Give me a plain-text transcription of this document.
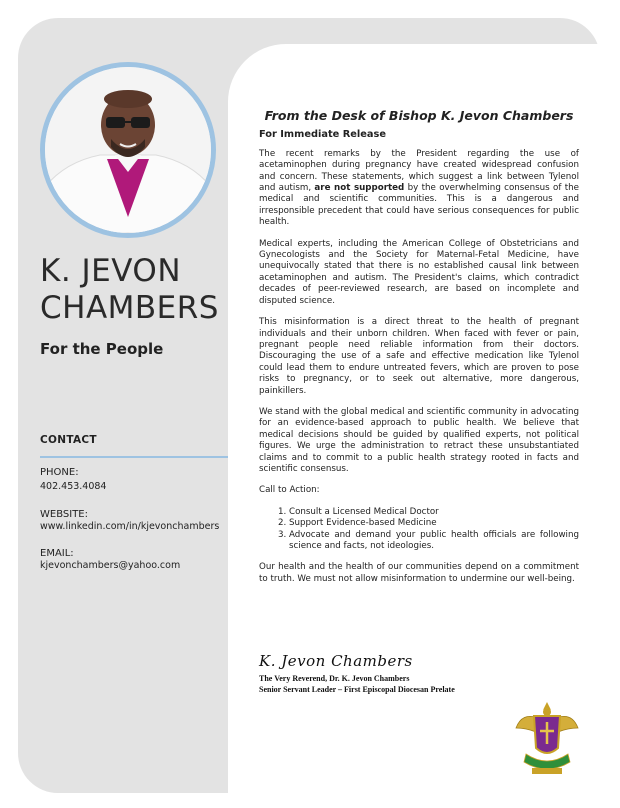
K. JEVON
CHAMBERS
For the People
CONTACT
PHONE:
402.453.4084
WEBSITE:
www.linkedin.com/in/kjevonchambers
EMAIL:
kjevonchambers@yahoo.com
From the Desk of Bishop K. Jevon Chambers
For Immediate Release

The recent remarks by the President regarding the use of acetaminophen during pregnancy have created widespread confusion and concern. These statements, which suggest a link between Tylenol and autism, are not supported by the overwhelming consensus of the medical and scientific communities. This is a dangerous and irresponsible precedent that could have serious consequences for public health.

Medical experts, including the American College of Obstetricians and Gynecologists and the Society for Maternal-Fetal Medicine, have unequivocally stated that there is no established causal link between acetaminophen and autism. The President's claims, which contradict decades of peer-reviewed research, are based on incomplete and disputed science.

This misinformation is a direct threat to the health of pregnant individuals and their unborn children. When faced with fever or pain, pregnant people need reliable information from their doctors. Discouraging the use of a safe and effective medication like Tylenol could lead them to endure untreated fevers, which are proven to pose risks to pregnancy, or to seek out alternative, more dangerous, painkillers.

We stand with the global medical and scientific community in advocating for an evidence-based approach to public health. We believe that medical decisions should be guided by qualified experts, not political figures. We urge the administration to retract these unsubstantiated claims and to commit to a public health strategy rooted in facts and scientific consensus.

Call to Action:

1. Consult a Licensed Medical Doctor
2. Support Evidence-based Medicine
3. Advocate and demand your public health officials are following science and facts, not ideologies.

Our health and the health of our communities depend on a commitment to truth. We must not allow misinformation to undermine our well-being.

K. Jevon Chambers
The Very Reverend, Dr. K. Jevon Chambers
Senior Servant Leader – First Episcopal Diocesan Prelate
